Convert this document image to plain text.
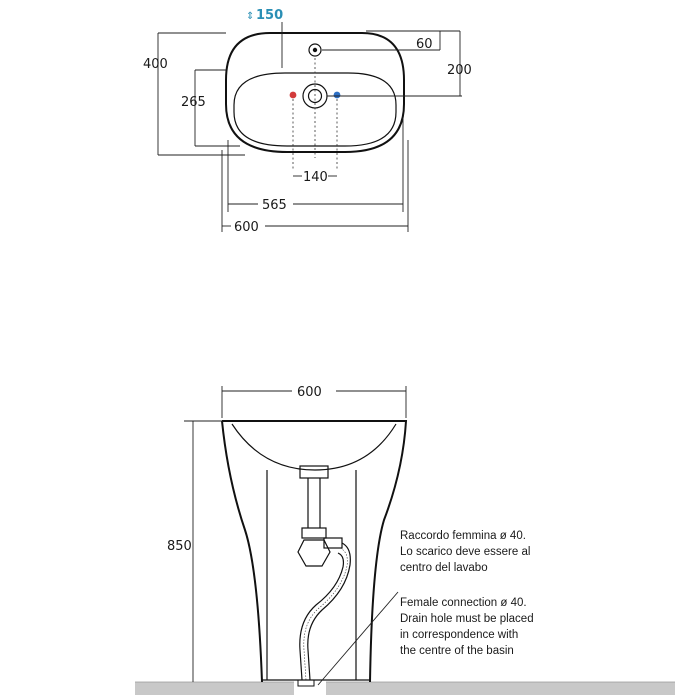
150
⇕
400
265
60
200
140
565
600
600
850
Raccordo femmina ø 40.
Lo scarico deve essere al
centro del lavabo
Female connection ø 40.
Drain hole must be placed
in correspondence with
the centre of the basin
